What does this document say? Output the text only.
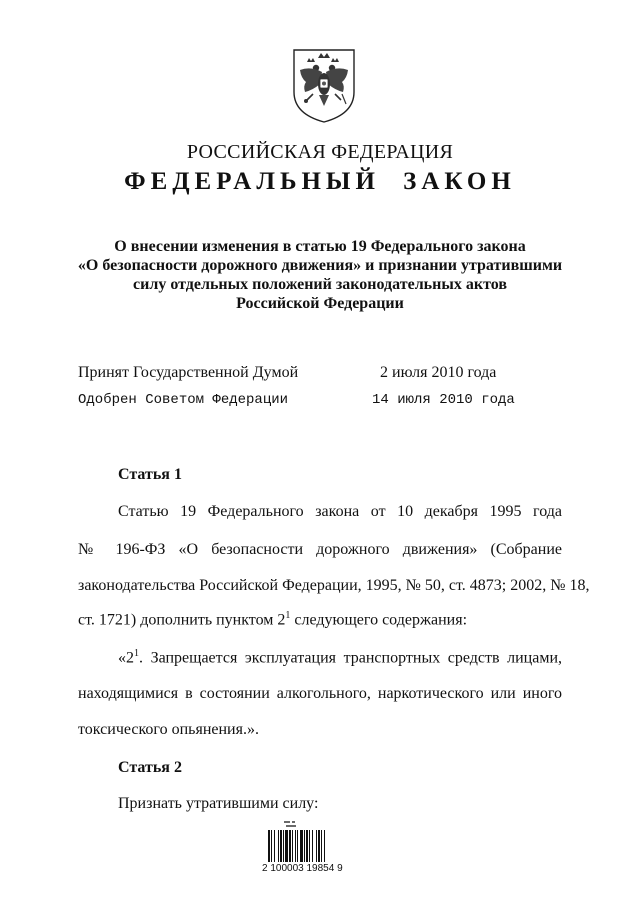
РОССИЙСКАЯ ФЕДЕРАЦИЯ
ФЕДЕРАЛЬНЫЙ ЗАКОН
О внесении изменения в статью 19 Федерального закона
«О безопасности дорожного движения» и признании утратившими
силу отдельных положений законодательных актов
Российской Федерации
Принят Государственной Думой	2 июля 2010 года
Одобрен Советом Федерации	14 июля 2010 года
Статья 1
Статью 19 Федерального закона от 10 декабря 1995 года
№ 196-ФЗ «О безопасности дорожного движения» (Собрание
законодательства Российской Федерации, 1995, № 50, ст. 4873; 2002, № 18,
ст. 1721) дополнить пунктом $2^1$ следующего содержания:
«$2^1$. Запрещается эксплуатация транспортных средств лицами,
находящимися в состоянии алкогольного, наркотического или иного
токсического опьянения.».
Статья 2
Признать утратившими силу:
2 100003 19854 9
